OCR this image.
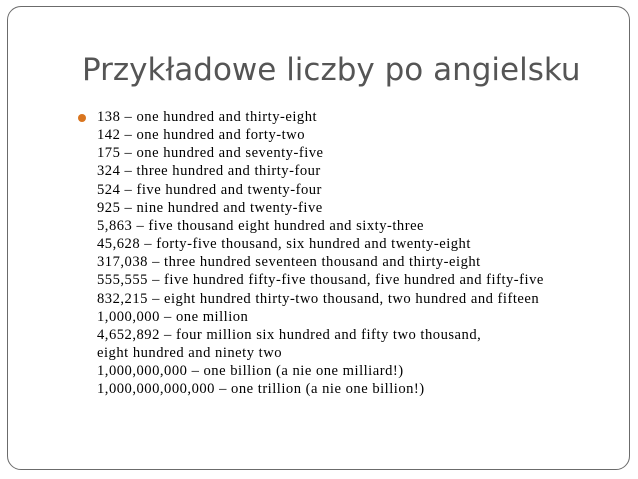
Przykładowe liczby po angielsku
138 – one hundred and thirty-eight
142 – one hundred and forty-two
175 – one hundred and seventy-five
324 – three hundred and thirty-four
524 – five hundred and twenty-four
925 – nine hundred and twenty-five
5,863 – five thousand eight hundred and sixty-three
45,628 – forty-five thousand, six hundred and twenty-eight
317,038 – three hundred seventeen thousand and thirty-eight
555,555 – five hundred fifty-five thousand, five hundred and fifty-five
832,215 – eight hundred thirty-two thousand, two hundred and fifteen
1,000,000 – one million
4,652,892 – four million six hundred and fifty two thousand,
eight hundred and ninety two
1,000,000,000 – one billion (a nie one milliard!)
1,000,000,000,000 – one trillion (a nie one billion!)
